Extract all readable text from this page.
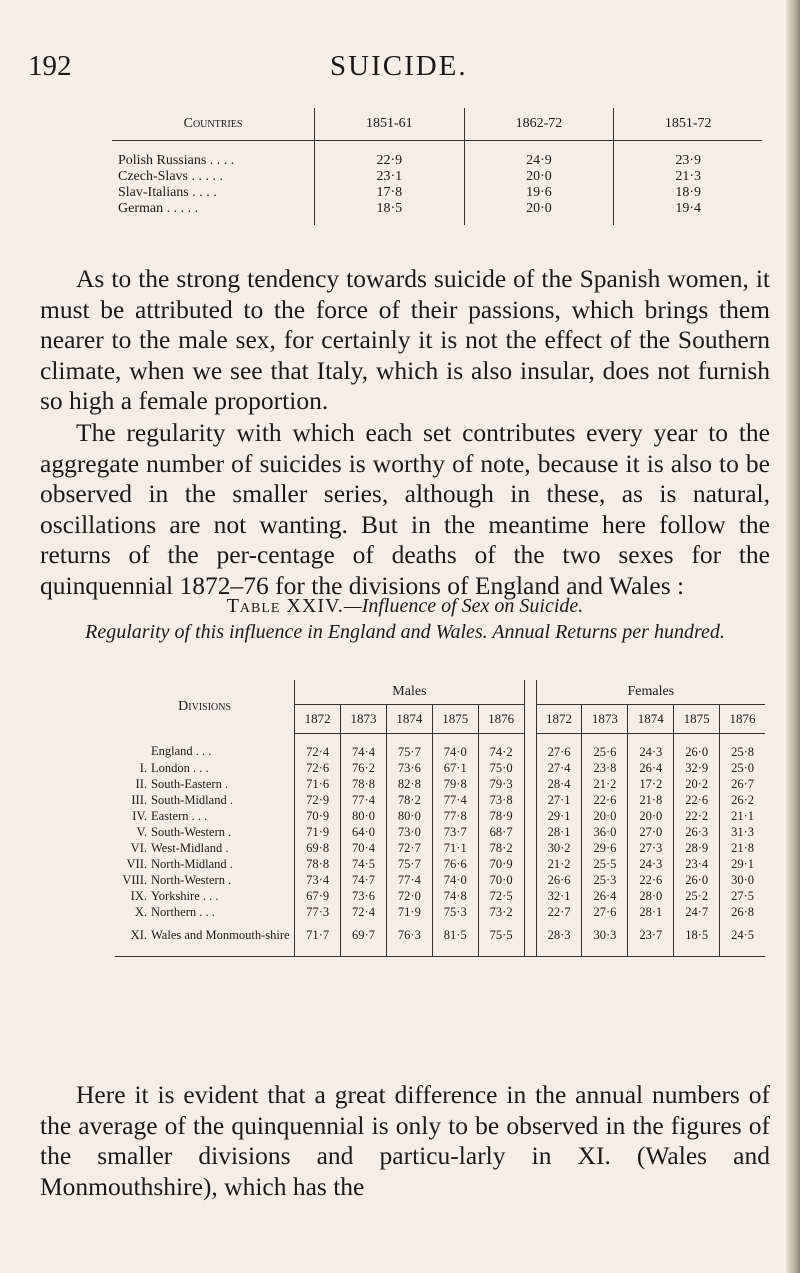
192	SUICIDE.
Countries	1851-61	1862-72	1851-72
Polish Russians . . . .	22·9	24·9	23·9
Czech-Slavs . . . . .	23·1	20·0	21·3
Slav-Italians . . . .	17·8	19·6	18·9
German . . . . .	18·5	20·0	19·4

As to the strong tendency towards suicide of the Spanish women, it must be attributed to the force of their passions, which brings them nearer to the male sex, for certainly it is not the effect of the Southern climate, when we see that Italy, which is also insular, does not furnish so high a female proportion.

The regularity with which each set contributes every year to the aggregate number of suicides is worthy of note, because it is also to be observed in the smaller series, although in these, as is natural, oscillations are not wanting. But in the meantime here follow the returns of the per-centage of deaths of the two sexes for the quinquennial 1872–76 for the divisions of England and Wales :

Table XXIV.—Influence of Sex on Suicide.
Regularity of this influence in England and Wales. Annual Returns per hundred.
Divisions	Males						Females				
	1872	1873	1874	1875	1876		1872	1873	1874	1875	1876
England . . .	72·4	74·4	75·7	74·0	74·2		27·6	25·6	24·3	26·0	25·8
I. London . . .	72·6	76·2	73·6	67·1	75·0		27·4	23·8	26·4	32·9	25·0
II. South-Eastern .	71·6	78·8	82·8	79·8	79·3		28·4	21·2	17·2	20·2	26·7
III. South-Midland .	72·9	77·4	78·2	77·4	73·8		27·1	22·6	21·8	22·6	26·2
IV. Eastern . . .	70·9	80·0	80·0	77·8	78·9		29·1	20·0	20·0	22·2	21·1
V. South-Western .	71·9	64·0	73·0	73·7	68·7		28·1	36·0	27·0	26·3	31·3
VI. West-Midland .	69·8	70·4	72·7	71·1	78·2		30·2	29·6	27·3	28·9	21·8
VII. North-Midland .	78·8	74·5	75·7	76·6	70·9		21·2	25·5	24·3	23·4	29·1
VIII. North-Western .	73·4	74·7	77·4	74·0	70·0		26·6	25·3	22·6	26·0	30·0
IX. Yorkshire . . .	67·9	73·6	72·0	74·8	72·5		32·1	26·4	28·0	25·2	27·5
X. Northern . . .	77·3	72·4	71·9	75·3	73·2		22·7	27·6	28·1	24·7	26·8
XI. Wales and Monmouth-shire	71·7	69·7	76·3	81·5	75·5		28·3	30·3	23·7	18·5	24·5

Here it is evident that a great difference in the annual numbers of the average of the quinquennial is only to be observed in the figures of the smaller divisions and particu-larly in XI. (Wales and Monmouthshire), which has the
